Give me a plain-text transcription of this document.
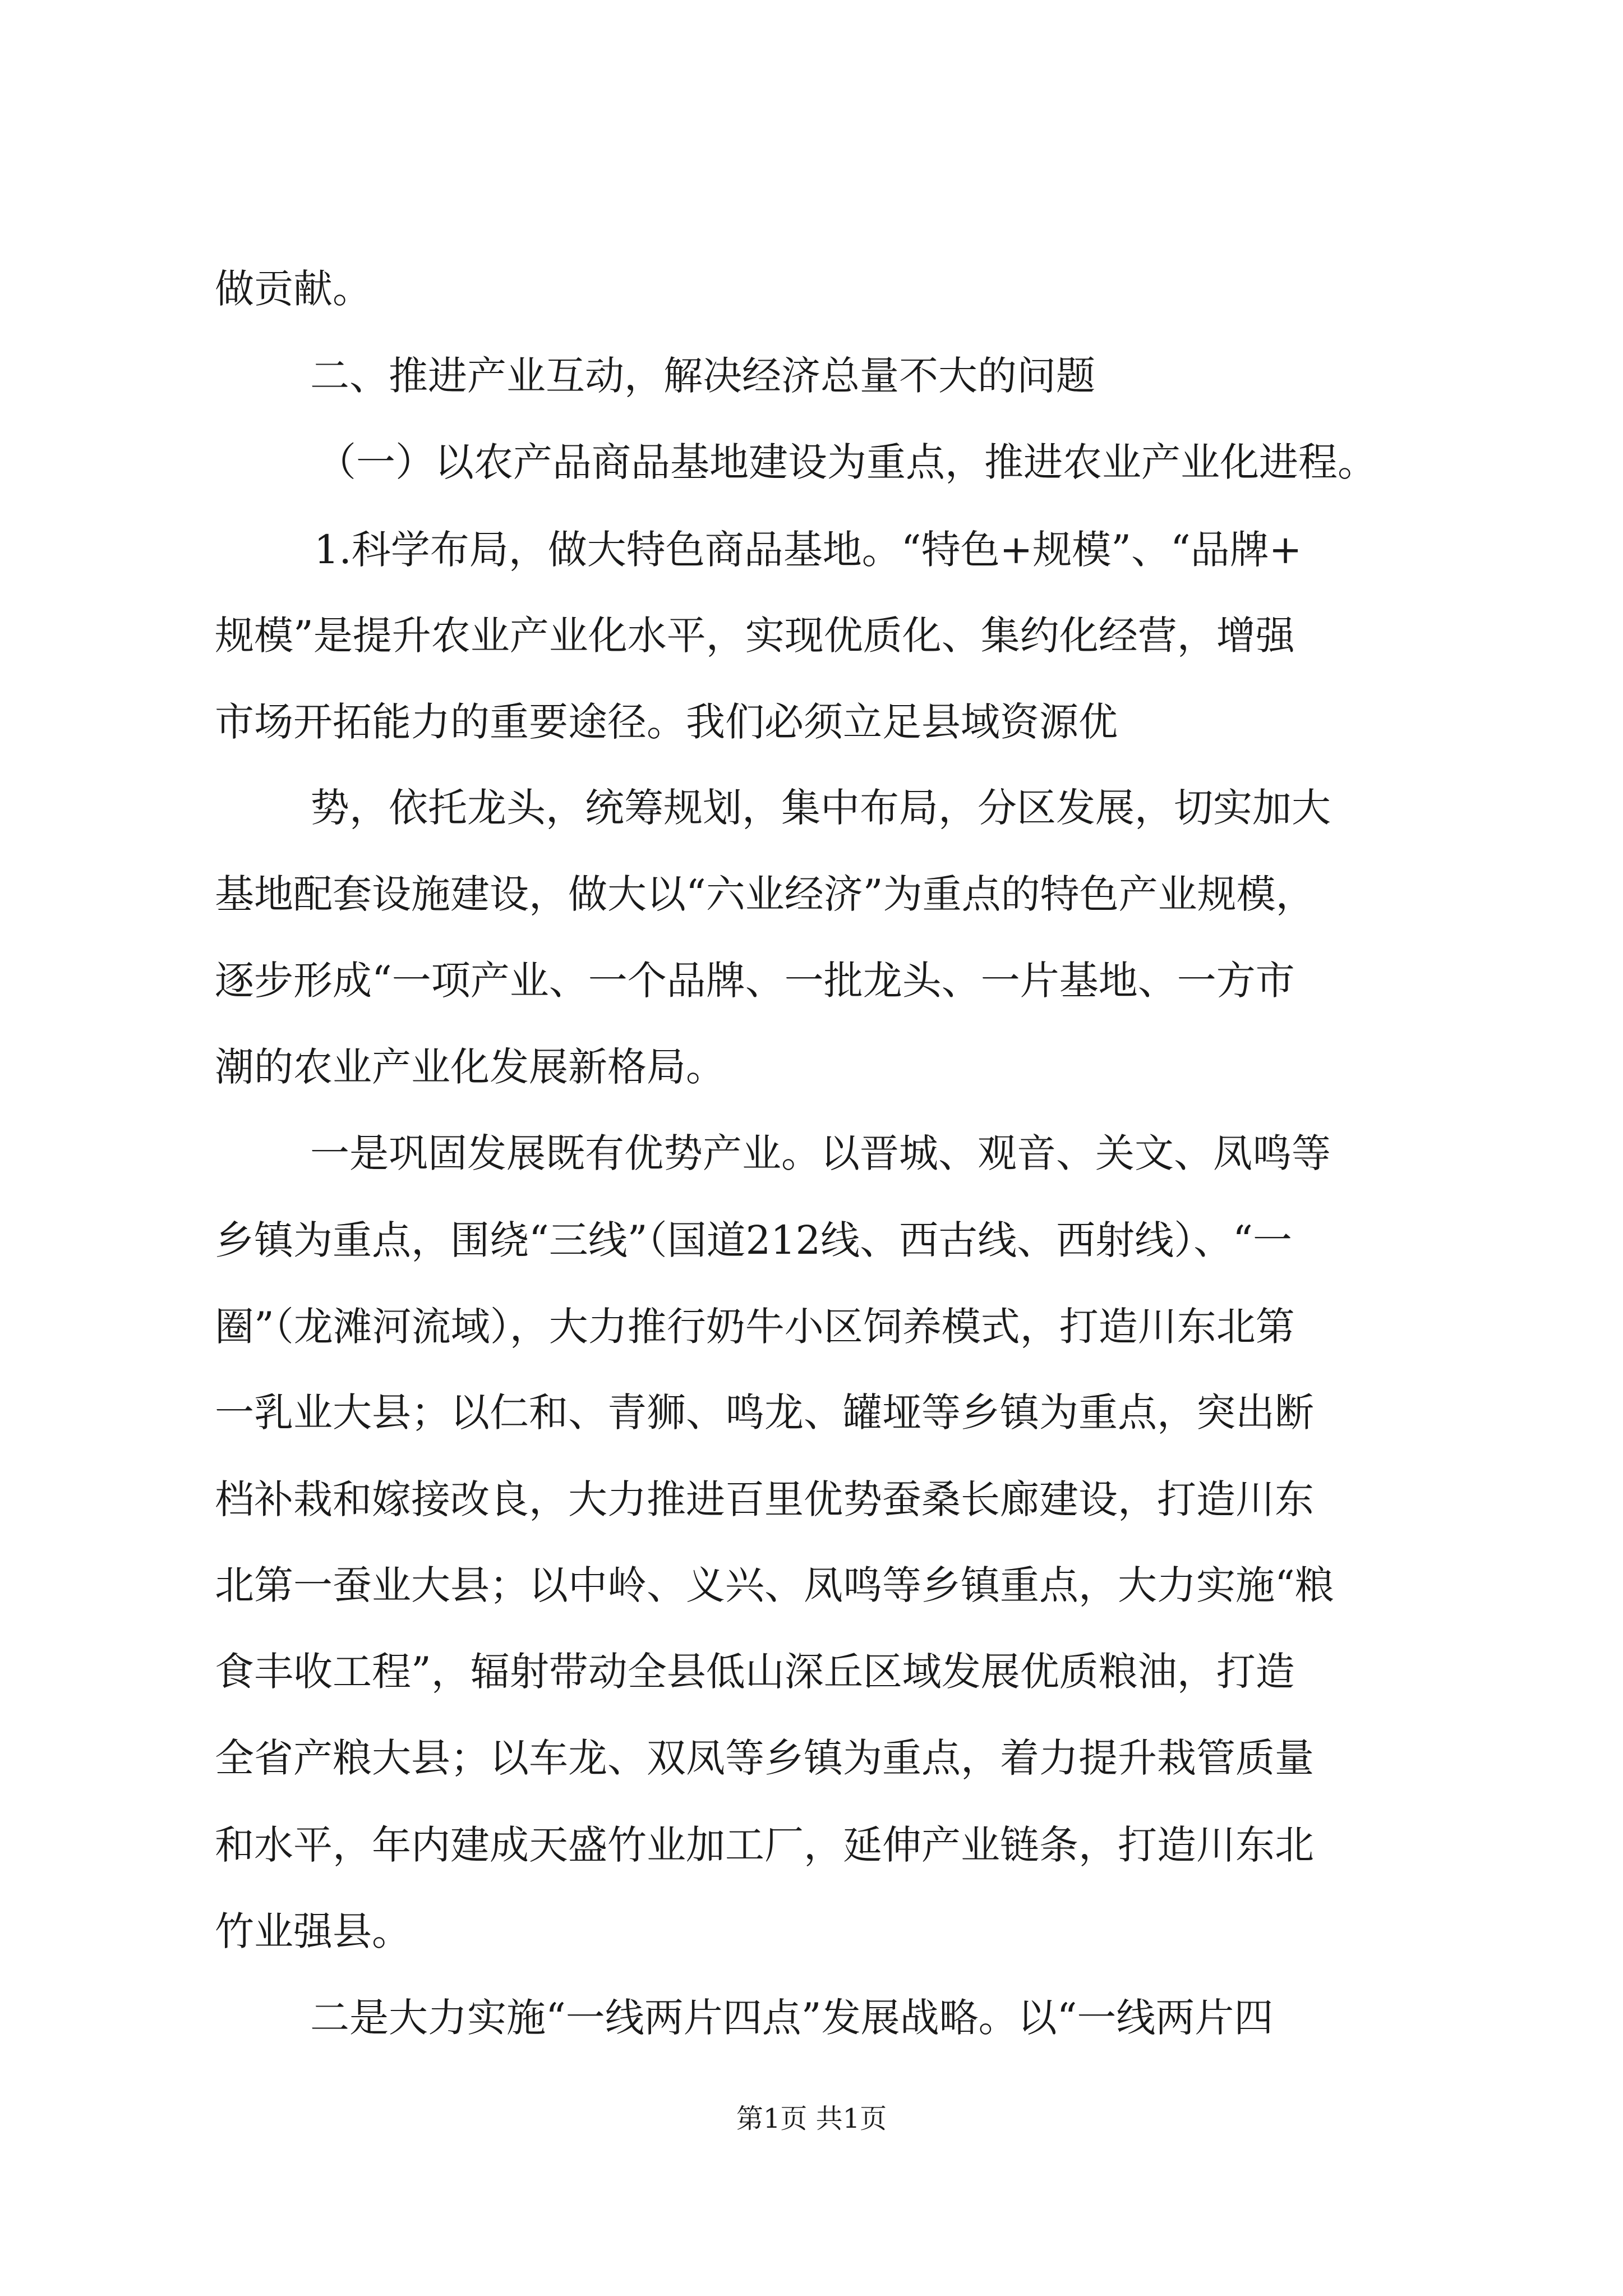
做贡献。
二、推进产业互动，解决经济总量不大的问题
（一）以农产品商品基地建设为重点，推进农业产业化进程。
1.科学布局，做大特色商品基地。“特色+规模”、“品牌+
规模”是提升农业产业化水平，实现优质化、集约化经营，增强
市场开拓能力的重要途径。我们必须立足县域资源优
势，依托龙头，统筹规划，集中布局，分区发展，切实加大
基地配套设施建设，做大以“六业经济”为重点的特色产业规模，
逐步形成“一项产业、一个品牌、一批龙头、一片基地、一方市
潮的农业产业化发展新格局。
一是巩固发展既有优势产业。以晋城、观音、关文、凤鸣等
乡镇为重点，围绕“三线”（国道212线、西古线、西射线）、“一
圈”（龙滩河流域），大力推行奶牛小区饲养模式，打造川东北第
一乳业大县；以仁和、青狮、鸣龙、罐垭等乡镇为重点，突出断
档补栽和嫁接改良，大力推进百里优势蚕桑长廊建设，打造川东
北第一蚕业大县；以中岭、义兴、凤鸣等乡镇重点，大力实施“粮
食丰收工程”，辐射带动全县低山深丘区域发展优质粮油，打造
全省产粮大县；以车龙、双凤等乡镇为重点，着力提升栽管质量
和水平，年内建成天盛竹业加工厂，延伸产业链条，打造川东北
竹业强县。
二是大力实施“一线两片四点”发展战略。以“一线两片四
第1页 共1页
